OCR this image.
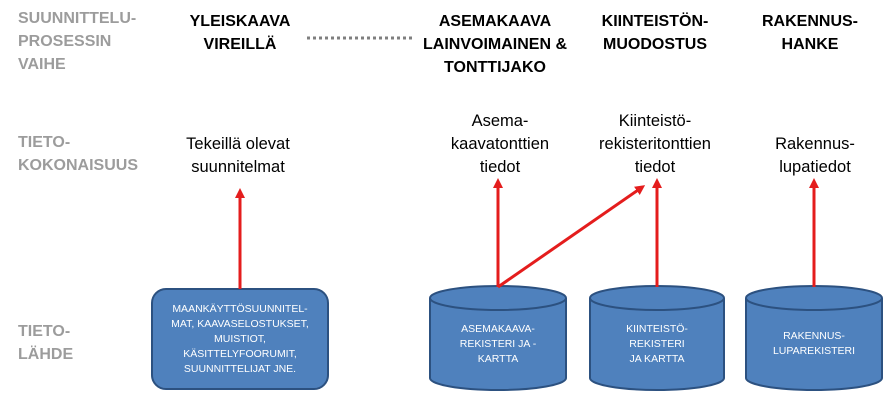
SUUNNITTELU-
PROSESSIN
VAIHE
TIETO-
KOKONAISUUS
TIETO-
LÄHDE
YLEISKAAVA
VIREILLÄ
ASEMAKAAVA
LAINVOIMAINEN &
TONTTIJAKO
KIINTEISTÖN-
MUODOSTUS
RAKENNUS-
HANKE
Tekeillä olevat
suunnitelmat
Asema-
kaavatonttien
tiedot
Kiinteistö-
rekisteritonttien
tiedot
Rakennus-
lupatiedot
MAANKÄYTTÖSUUNNITEL-
MAT, KAAVASELOSTUKSET,
MUISTIOT,
KÄSITTELYFOORUMIT,
SUUNNITTELIJAT JNE.
ASEMAKAAVA-
REKISTERI JA -
KARTTA
KIINTEISTÖ-
REKISTERI
JA KARTTA
RAKENNUS-
LUPAREKISTERI
